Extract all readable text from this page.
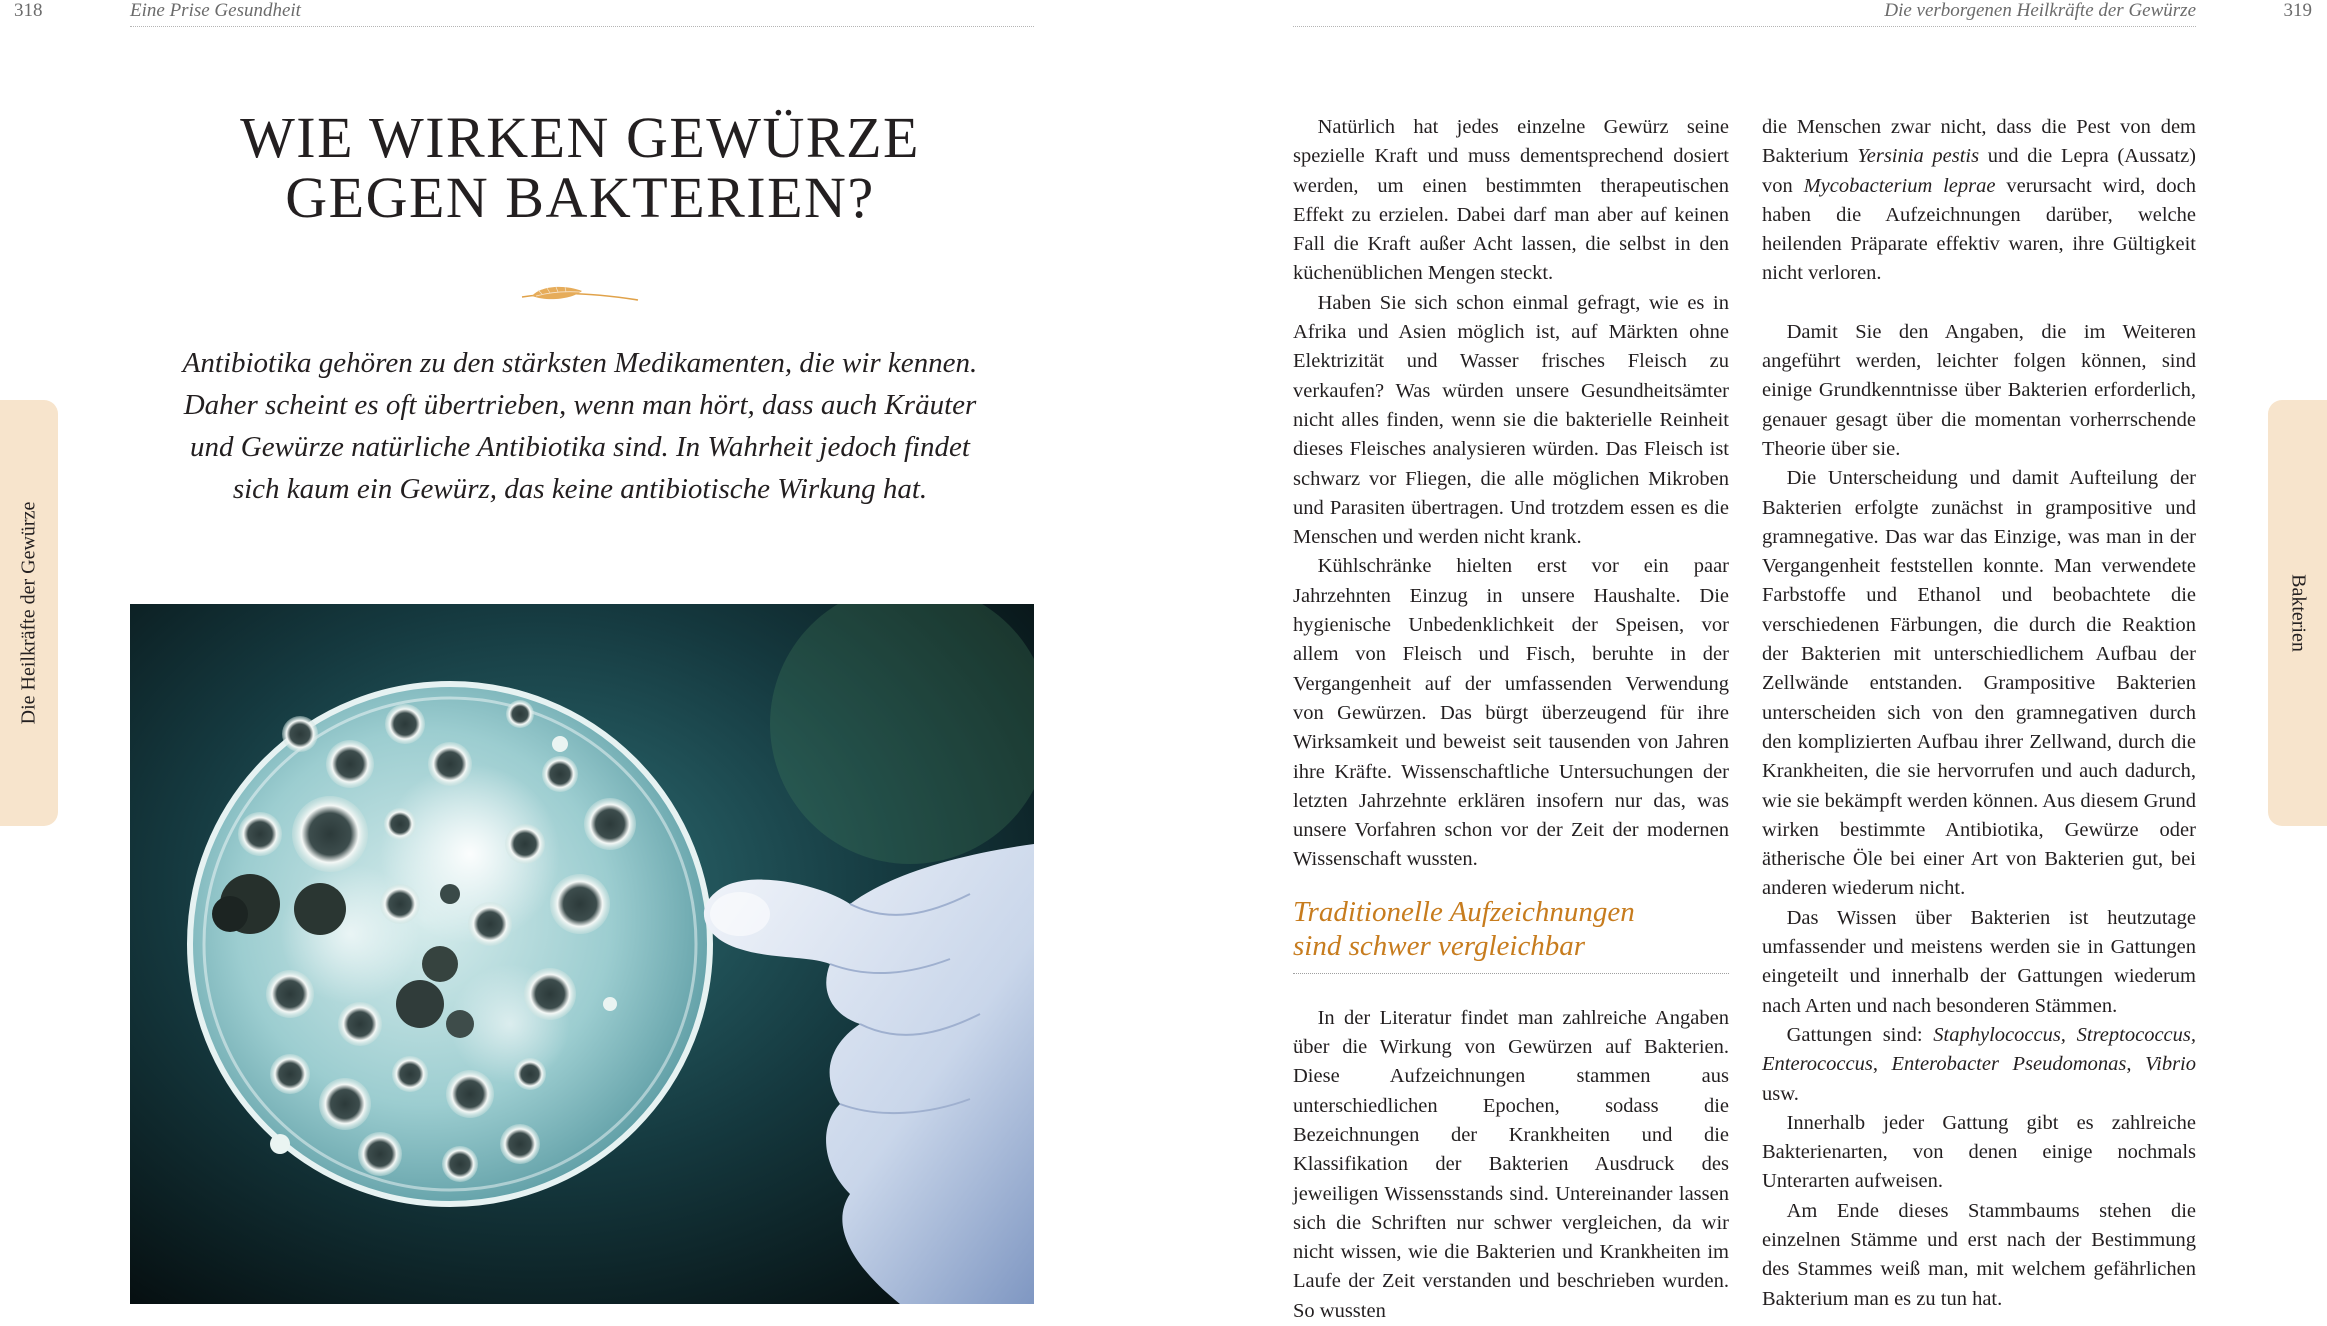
318	Eine Prise Gesundheit
Die Heilkräfte der Gewürze
WIE WIRKEN GEWÜRZE
GEGEN BAKTERIEN?
Antibiotika gehören zu den stärksten Medikamenten, die wir kennen.
Daher scheint es oft übertrieben, wenn man hört, dass auch Kräuter
und Gewürze natürliche Antibiotika sind. In Wahrheit jedoch findet
sich kaum ein Gewürz, das keine antibiotische Wirkung hat.
Die verborgenen Heilkräfte der Gewürze	319
Bakterien

Natürlich hat jedes einzelne Gewürz seine spezielle Kraft und muss dementsprechend dosiert werden, um einen bestimmten therapeutischen Effekt zu erzielen. Dabei darf man aber auf keinen Fall die Kraft außer Acht lassen, die selbst in den küchenüblichen Mengen steckt.

Haben Sie sich schon einmal gefragt, wie es in Afrika und Asien möglich ist, auf Märkten ohne Elektrizität und Wasser frisches Fleisch zu verkaufen? Was würden unsere Gesundheitsämter nicht alles finden, wenn sie die bakterielle Reinheit dieses Fleisches analysieren würden. Das Fleisch ist schwarz vor Fliegen, die alle möglichen Mikroben und Parasiten übertragen. Und trotzdem essen es die Menschen und werden nicht krank.

Kühlschränke hielten erst vor ein paar Jahrzehnten Einzug in unsere Haushalte. Die hygienische Unbedenklichkeit der Speisen, vor allem von Fleisch und Fisch, beruhte in der Vergangenheit auf der umfassenden Verwendung von Gewürzen. Das bürgt überzeugend für ihre Wirksamkeit und beweist seit tausenden von Jahren ihre Kräfte. Wissenschaftliche Untersuchungen der letzten Jahrzehnte erklären insofern nur das, was unsere Vorfahren schon vor der Zeit der modernen Wissenschaft wussten.

Traditionelle Aufzeichnungen
sind schwer vergleichbar

In der Literatur findet man zahlreiche Angaben über die Wirkung von Gewürzen auf Bakterien. Diese Aufzeichnungen stammen aus unterschiedlichen Epochen, sodass die Bezeichnungen der Krankheiten und die Klassifikation der Bakterien Ausdruck des jeweiligen Wissensstands sind. Untereinander lassen sich die Schriften nur schwer vergleichen, da wir nicht wissen, wie die Bakterien und Krankheiten im Laufe der Zeit verstanden und beschrieben wurden. So wussten

die Menschen zwar nicht, dass die Pest von dem Bakterium Yersinia pestis und die Lepra (Aussatz) von Mycobacterium leprae verursacht wird, doch haben die Aufzeichnungen darüber, welche heilenden Präparate effektiv waren, ihre Gültigkeit nicht verloren.

Damit Sie den Angaben, die im Weiteren angeführt werden, leichter folgen können, sind einige Grundkenntnisse über Bakterien erforderlich, genauer gesagt über die momentan vorherrschende Theorie über sie.

Die Unterscheidung und damit Aufteilung der Bakterien erfolgte zunächst in grampositive und gramnegative. Das war das Einzige, was man in der Vergangenheit feststellen konnte. Man verwendete Farbstoffe und Ethanol und beobachtete die verschiedenen Färbungen, die durch die Reaktion der Bakterien mit unterschiedlichem Aufbau der Zellwände entstanden. Grampositive Bakterien unterscheiden sich von den gramnegativen durch den komplizierten Aufbau ihrer Zellwand, durch die Krankheiten, die sie hervorrufen und auch dadurch, wie sie bekämpft werden können. Aus diesem Grund wirken bestimmte Antibiotika, Gewürze oder ätherische Öle bei einer Art von Bakterien gut, bei anderen wiederum nicht.

Das Wissen über Bakterien ist heutzutage umfassender und meistens werden sie in Gattungen eingeteilt und innerhalb der Gattungen wiederum nach Arten und nach besonderen Stämmen.

Gattungen sind: Staphylococcus, Streptococcus, Enterococcus, Enterobacter Pseudomonas, Vibrio usw.

Innerhalb jeder Gattung gibt es zahlreiche Bakterienarten, von denen einige nochmals Unterarten aufweisen.

Am Ende dieses Stammbaums stehen die einzelnen Stämme und erst nach der Bestimmung des Stammes weiß man, mit welchem gefährlichen Bakterium man es zu tun hat.
